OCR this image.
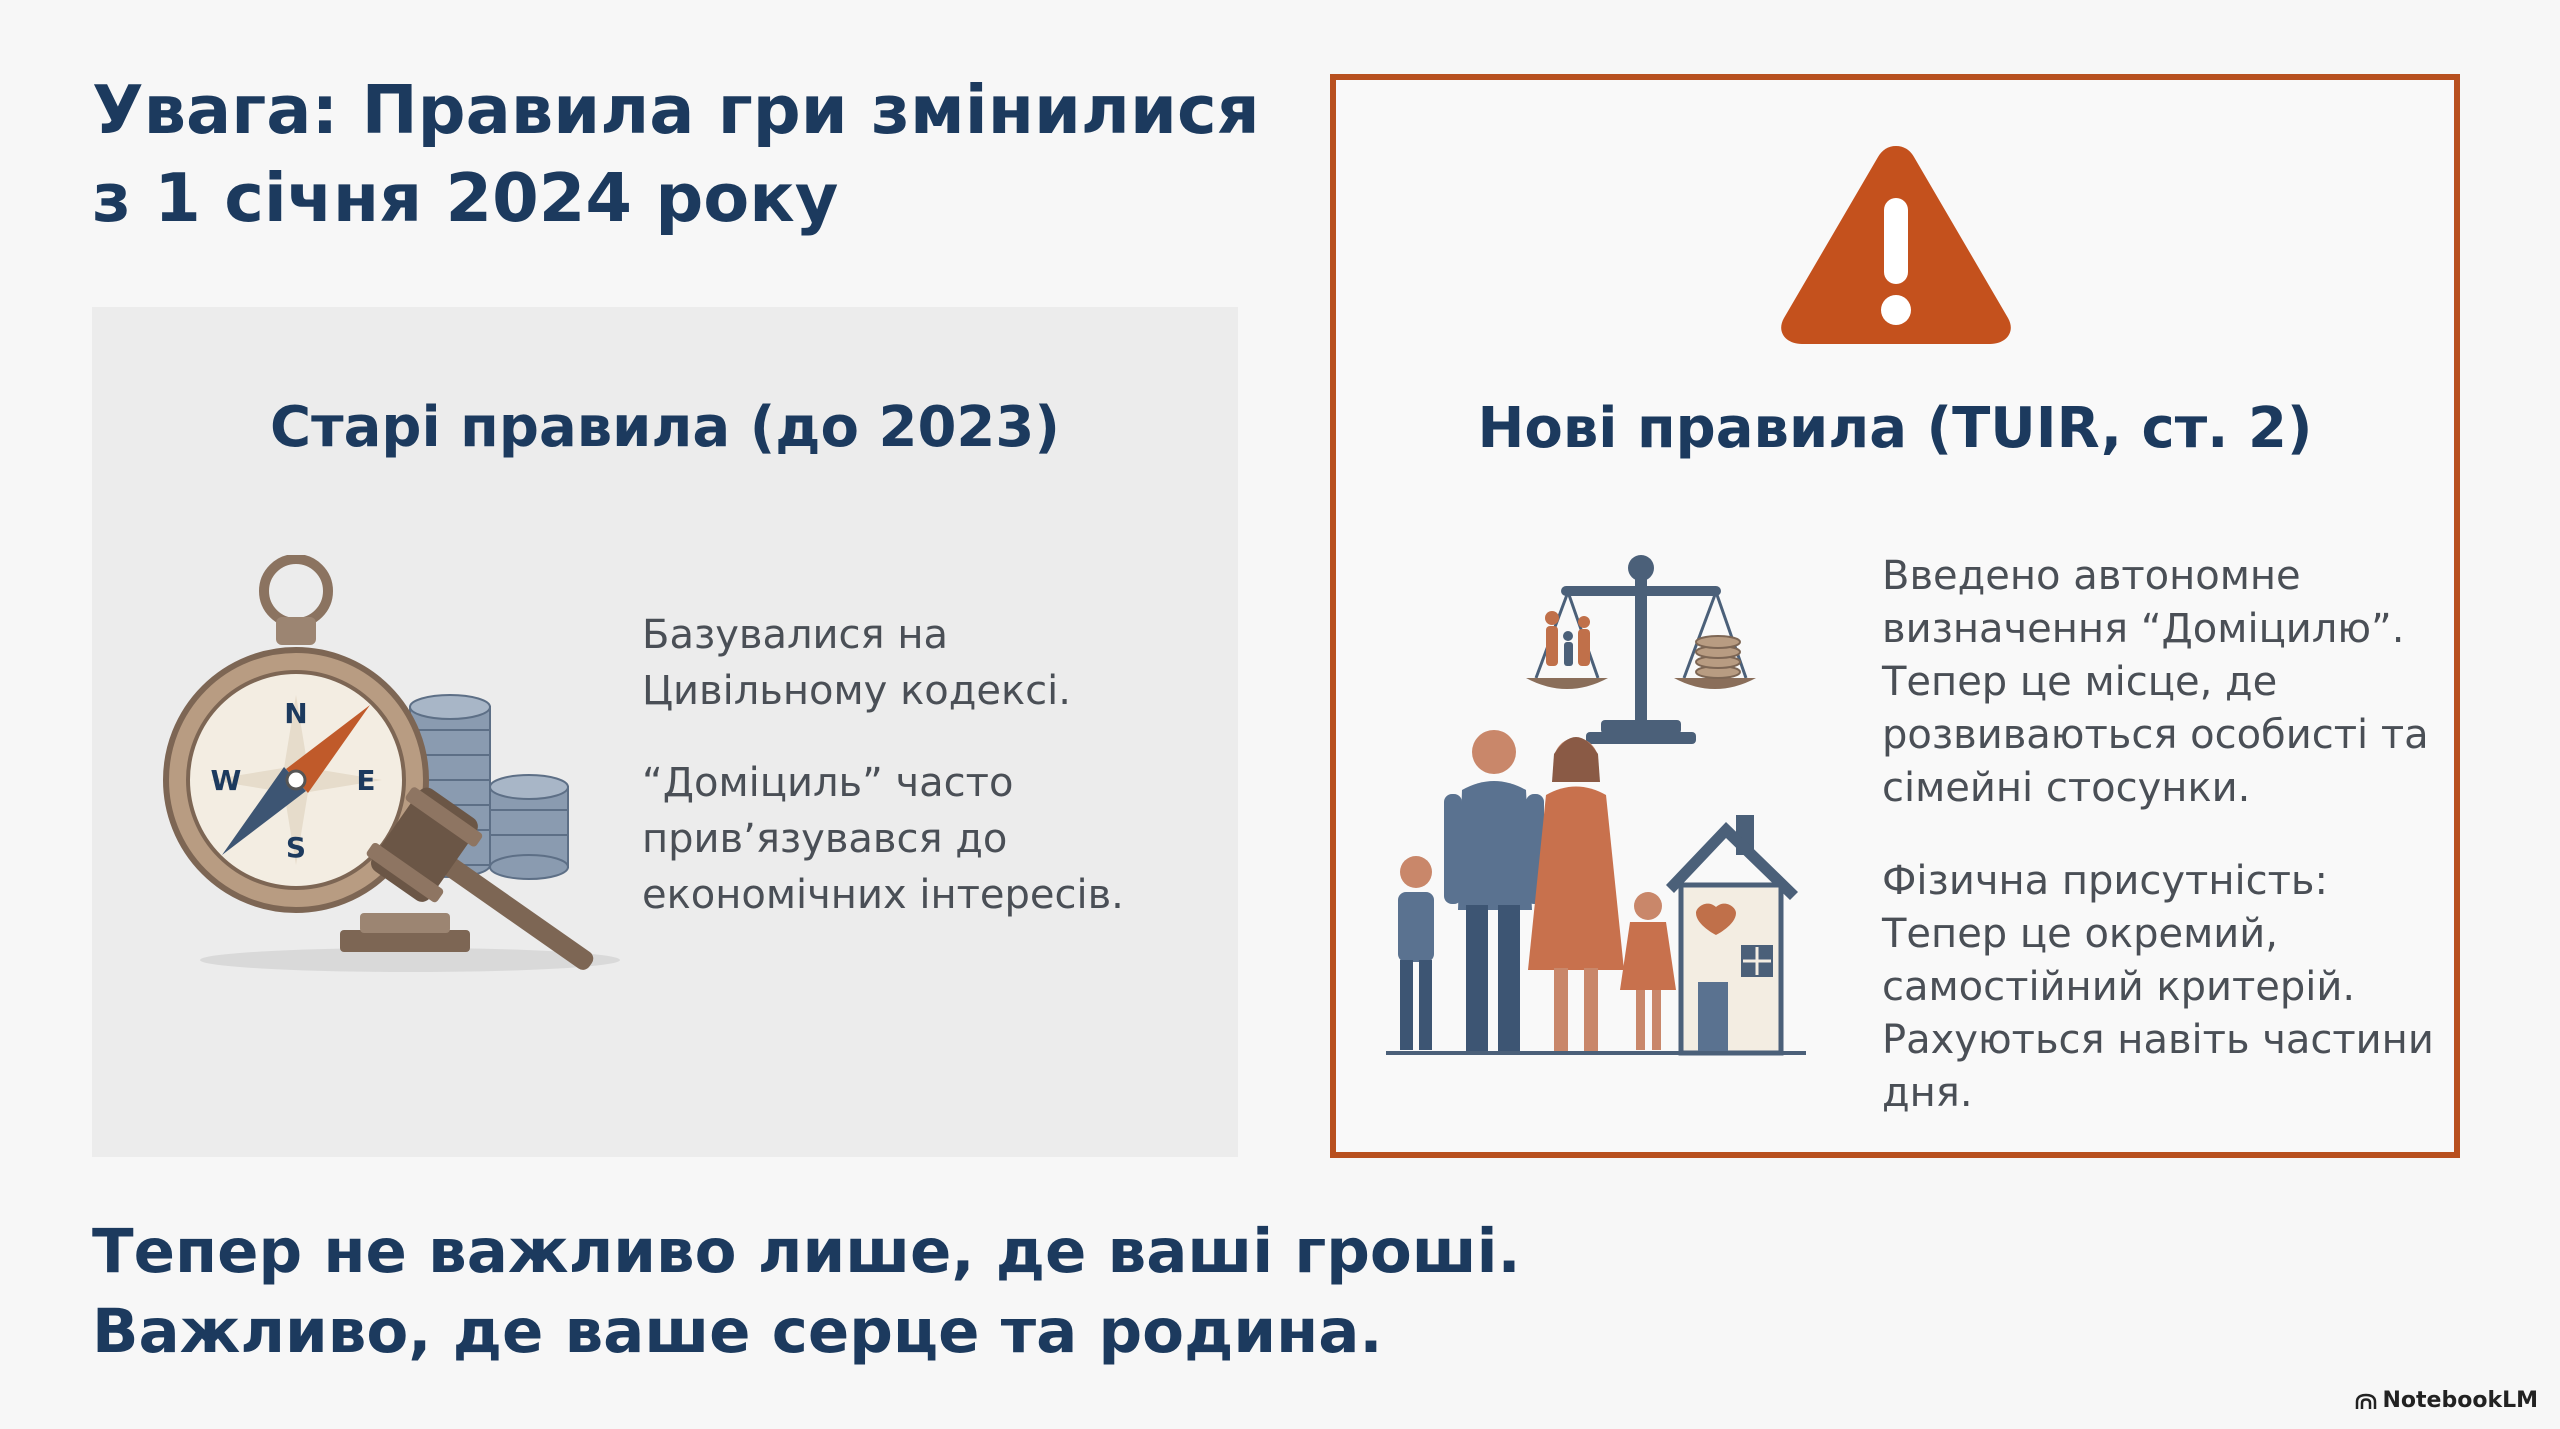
Увага: Правила гри змінилися
з 1 січня 2024 року
Старі правила (до 2023)
N
S
W	E

Базувалися на Цивільному кодексі.

“Доміциль” часто прив’язувався до економічних інтересів.

Нові правила (TUIR, ст. 2)

Введено автономне визначення “Доміцилю”. Тепер це місце, де розвиваються особисті та сімейні стосунки.

Фізична присутність:
Тепер це окремий, самостійний критерій. Рахуються навіть частини дня.

Тепер не важливо лише, де ваші гроші.
Важливо, де ваше серце та родина.
NotebookLM
